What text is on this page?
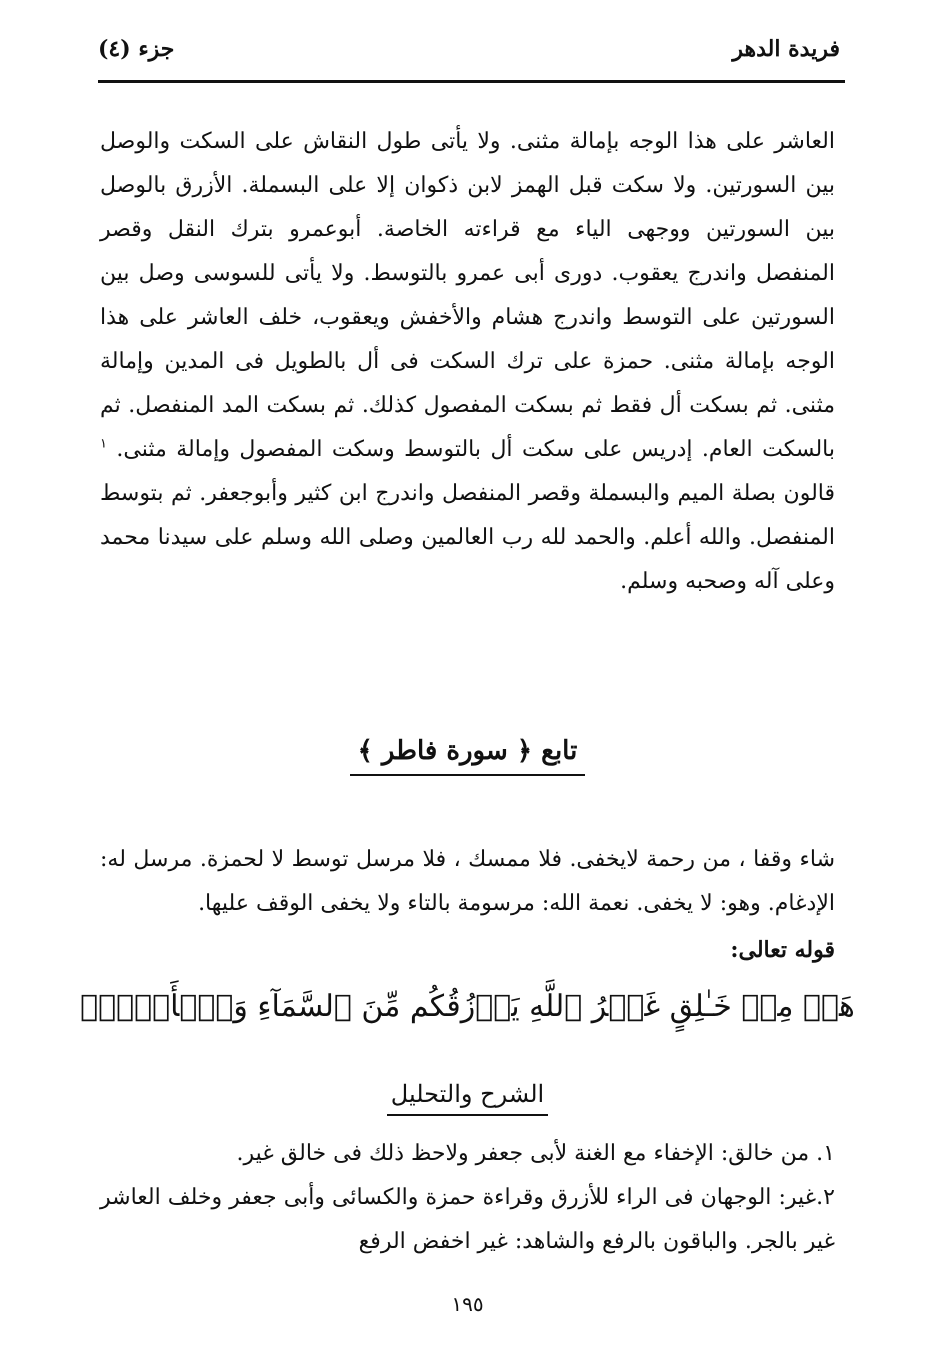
فريدة الدهر
جزء (٤)
العاشر على هذا الوجه بإمالة مثنى. ولا يأتى طول النقاش على السكت والوصل بين السورتين. ولا سكت قبل الهمز لابن ذكوان إلا على البسملة. الأزرق بالوصل بين السورتين ووجهى الياء مع قراءته الخاصة. أبوعمرو بترك النقل وقصر المنفصل واندرج يعقوب. دورى أبى عمرو بالتوسط. ولا يأتى للسوسى وصل بين السورتين على التوسط واندرج هشام والأخفش ويعقوب، خلف العاشر على هذا الوجه بإمالة مثنى. حمزة على ترك السكت فى أل بالطويل فى المدين وإمالة مثنى. ثم بسكت أل فقط ثم بسكت المفصول كذلك. ثم بسكت المد المنفصل. ثم بالسكت العام. إدريس على سكت أل بالتوسط وسكت المفصول وإمالة مثنى. $^١$ قالون بصلة الميم والبسملة وقصر المنفصل واندرج ابن كثير وأبوجعفر. ثم بتوسط المنفصل. والله أعلم. والحمد لله رب العالمين وصلى الله وسلم على سيدنا محمد وعلى آله وصحبه وسلم.
تابع ﴿ سورة فاطر ﴾
شاء وقفا ، من رحمة لايخفى. فلا ممسك ، فلا مرسل توسط لا لحمزة. مرسل له: الإدغام. وهو: لا يخفى. نعمة الله: مرسومة بالتاء ولا يخفى الوقف عليها.
قوله تعالى:
هَلۡ مِنۡ خَـٰلِقٍ غَيۡرُ ٱللَّهِ يَرۡزُقُكُم مِّنَ ٱلسَّمَآءِ وَٱلۡأَرۡضِۚ
الشرح والتحليل
١. من خالق: الإخفاء مع الغنة لأبى جعفر ولاحظ ذلك فى خالق غير.
٢.غير: الوجهان فى الراء للأزرق وقراءة حمزة والكسائى وأبى جعفر وخلف العاشر غير بالجر. والباقون بالرفع والشاهد: غير اخفض الرفع
١٩٥
